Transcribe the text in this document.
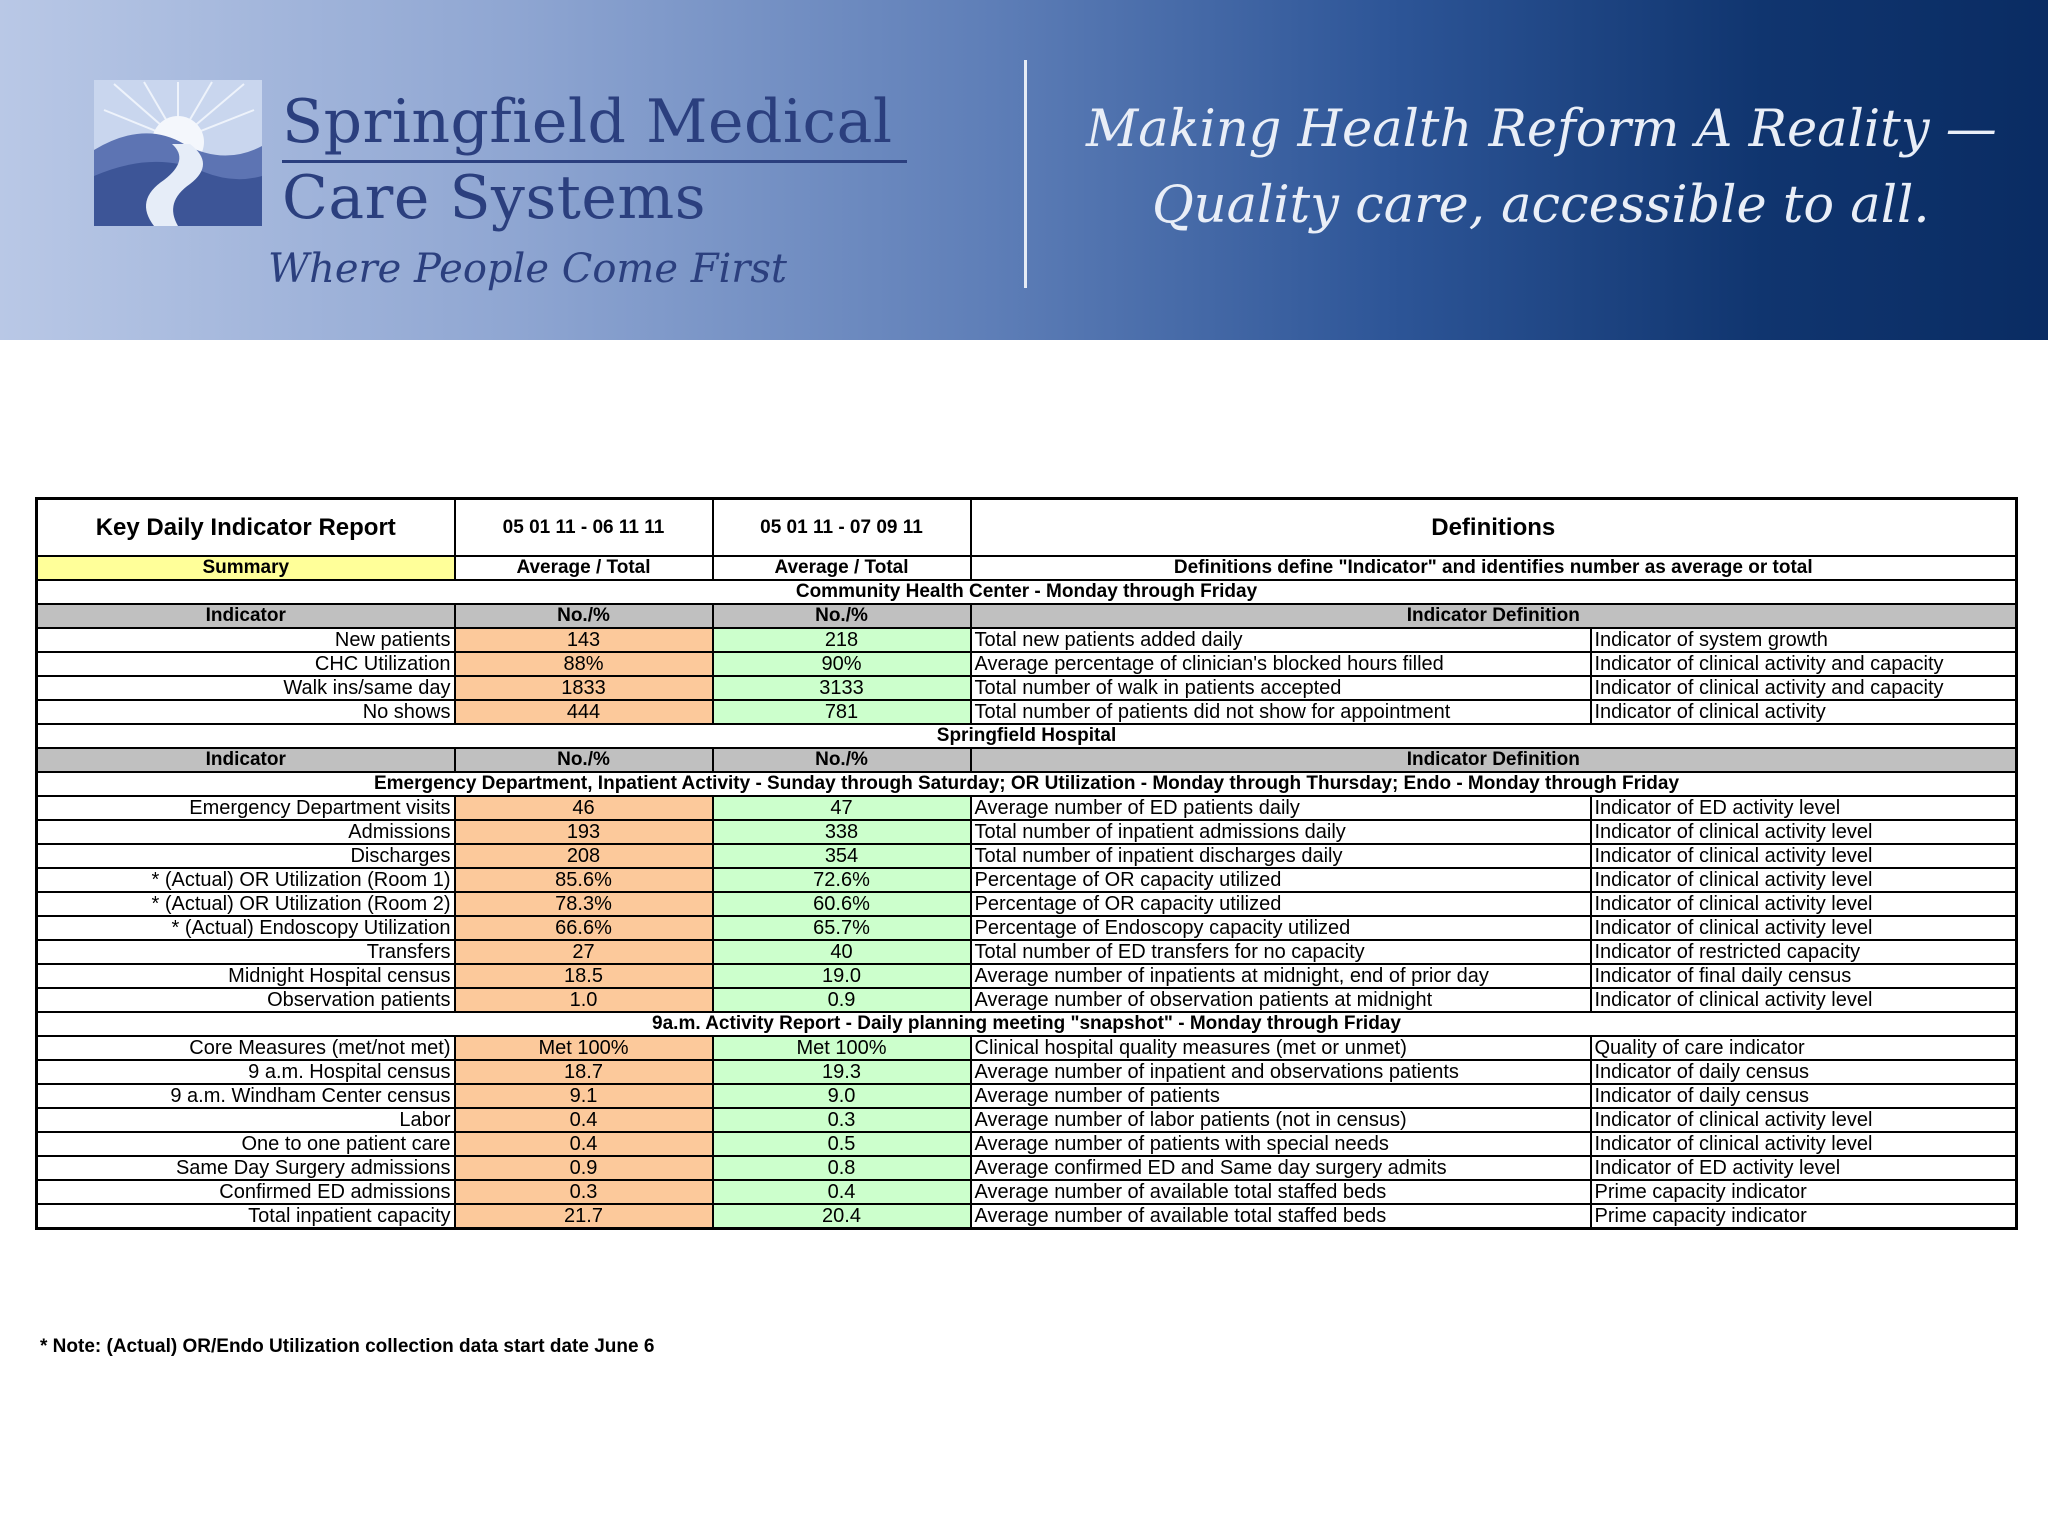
Springfield Medical
Care Systems
Where People Come First
Making Health Reform A Reality —
Quality care, accessible to all.
Key Daily Indicator Report	05 01 11 - 06 11 11	05 01 11 - 07 09 11	Definitions	
Summary	Average / Total	Average / Total	Definitions define "Indicator" and identifies number as average or total	
Community Health Center - Monday through Friday				
Indicator	No./%	No./%	Indicator Definition	
New patients	143	218	Total new patients added daily	Indicator of system growth
CHC Utilization	88%	90%	Average percentage of clinician's blocked hours filled	Indicator of clinical activity and capacity
Walk ins/same day	1833	3133	Total number of walk in patients accepted	Indicator of clinical activity and capacity
No shows	444	781	Total number of patients did not show for appointment	Indicator of clinical activity
Springfield Hospital				
Indicator	No./%	No./%	Indicator Definition	
Emergency Department, Inpatient Activity - Sunday through Saturday; OR Utilization - Monday through Thursday; Endo - Monday through Friday				
Emergency Department visits	46	47	Average number of ED patients daily	Indicator of ED activity level
Admissions	193	338	Total number of inpatient admissions daily	Indicator of clinical activity level
Discharges	208	354	Total number of inpatient discharges daily	Indicator of clinical activity level
* (Actual) OR Utilization (Room 1)	85.6%	72.6%	Percentage of OR capacity utilized	Indicator of clinical activity level
* (Actual) OR Utilization (Room 2)	78.3%	60.6%	Percentage of OR capacity utilized	Indicator of clinical activity level
* (Actual) Endoscopy Utilization	66.6%	65.7%	Percentage of Endoscopy capacity utilized	Indicator of clinical activity level
Transfers	27	40	Total number of ED transfers for no capacity	Indicator of restricted capacity
Midnight Hospital census	18.5	19.0	Average number of inpatients at midnight, end of prior day	Indicator of final daily census
Observation patients	1.0	0.9	Average number of observation patients at midnight	Indicator of clinical activity level
9a.m. Activity Report - Daily planning meeting "snapshot" - Monday through Friday				
Core Measures (met/not met)	Met 100%	Met 100%	Clinical hospital quality measures (met or unmet)	Quality of care indicator
9 a.m. Hospital census	18.7	19.3	Average number of inpatient and observations patients	Indicator of daily census
9 a.m. Windham Center census	9.1	9.0	Average number of patients	Indicator of daily census
Labor	0.4	0.3	Average number of labor patients (not in census)	Indicator of clinical activity level
One to one patient care	0.4	0.5	Average number of patients with special needs	Indicator of clinical activity level
Same Day Surgery admissions	0.9	0.8	Average confirmed ED and Same day surgery admits	Indicator of ED activity level
Confirmed ED admissions	0.3	0.4	Average number of available total staffed beds	Prime capacity indicator
Total inpatient capacity	21.7	20.4	Average number of available total staffed beds	Prime capacity indicator
* Note: (Actual) OR/Endo Utilization collection data start date June 6
